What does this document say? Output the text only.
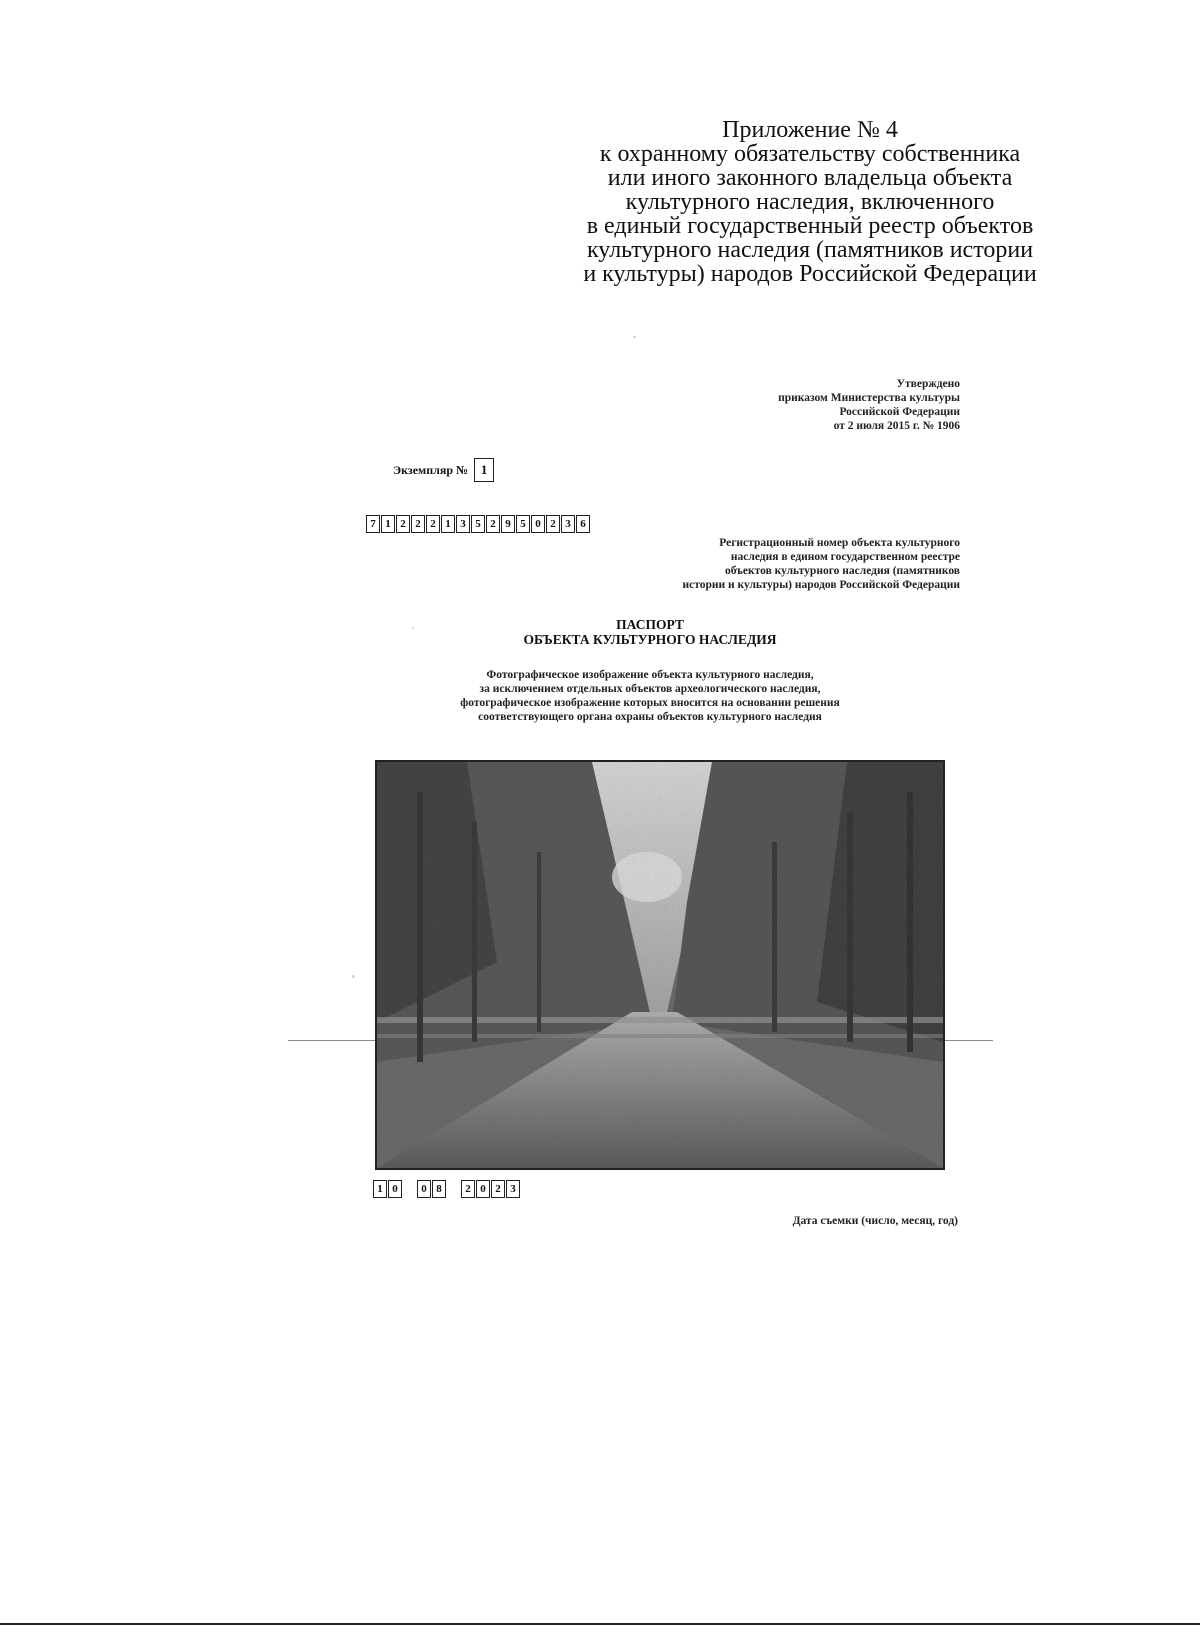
Приложение № 4
к охранному обязательству собственника
или иного законного владельца объекта
культурного наследия, включенного
в единый государственный реестр объектов
культурного наследия (памятников истории
и культуры) народов Российской Федерации
Утверждено
приказом Министерства культуры
Российской Федерации
от 2 июля 2015 г. № 1906
Экземпляр № 1
7 1 2 2 2 1 3 5 2 9 5 0 2 3 6
Регистрационный номер объекта культурного
наследия в едином государственном реестре
объектов культурного наследия (памятников
истории и культуры) народов Российской Федерации
ПАСПОРТ
ОБЪЕКТА КУЛЬТУРНОГО НАСЛЕДИЯ
Фотографическое изображение объекта культурного наследия,
за исключением отдельных объектов археологического наследия,
фотографическое изображение которых вносится на основании решения
соответствующего органа охраны объектов культурного наследия
1 0	0 8	2 0 2 3
Дата съемки (число, месяц, год)
